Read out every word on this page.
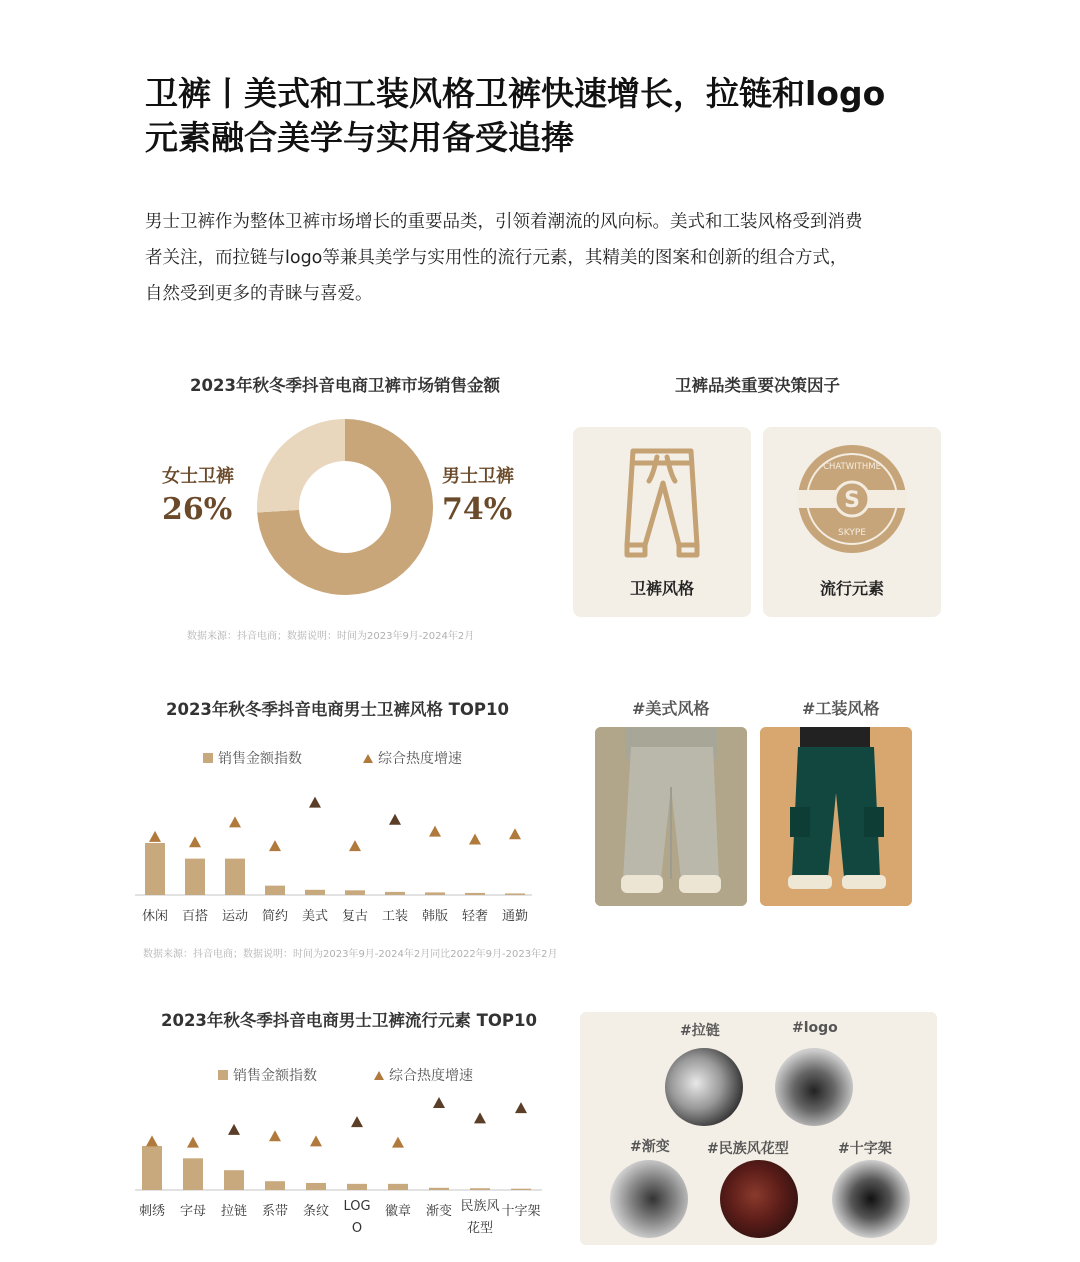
卫裤丨美式和工装风格卫裤快速增长，拉链和logo
元素融合美学与实用备受追捧

男士卫裤作为整体卫裤市场增长的重要品类，引领着潮流的风向标。美式和工装风格受到消费
者关注，而拉链与logo等兼具美学与实用性的流行元素，其精美的图案和创新的组合方式，
自然受到更多的青睐与喜爱。

2023年秋冬季抖音电商卫裤市场销售金额
女士卫裤
26%
男士卫裤
74%
数据来源：抖音电商；数据说明：时间为2023年9月-2024年2月
卫裤品类重要决策因子
卫裤风格
S
CHATWITHME
SKYPE
流行元素
2023年秋冬季抖音电商男士卫裤风格 TOP10
销售金额指数	综合热度增速
休闲 百搭 运动 简约 美式 复古 工装 韩版 轻奢 通勤
数据来源：抖音电商；数据说明：时间为2023年9月-2024年2月同比2022年9月-2023年2月
#美式风格	#工装风格
2023年秋冬季抖音电商男士卫裤流行元素 TOP10
销售金额指数	综合热度增速
刺绣 字母 拉链 系带 条纹 LOG
O
徽章 渐变 民族风
花型
十字架
#拉链	#logo
#渐变	#民族风花型	#十字架
